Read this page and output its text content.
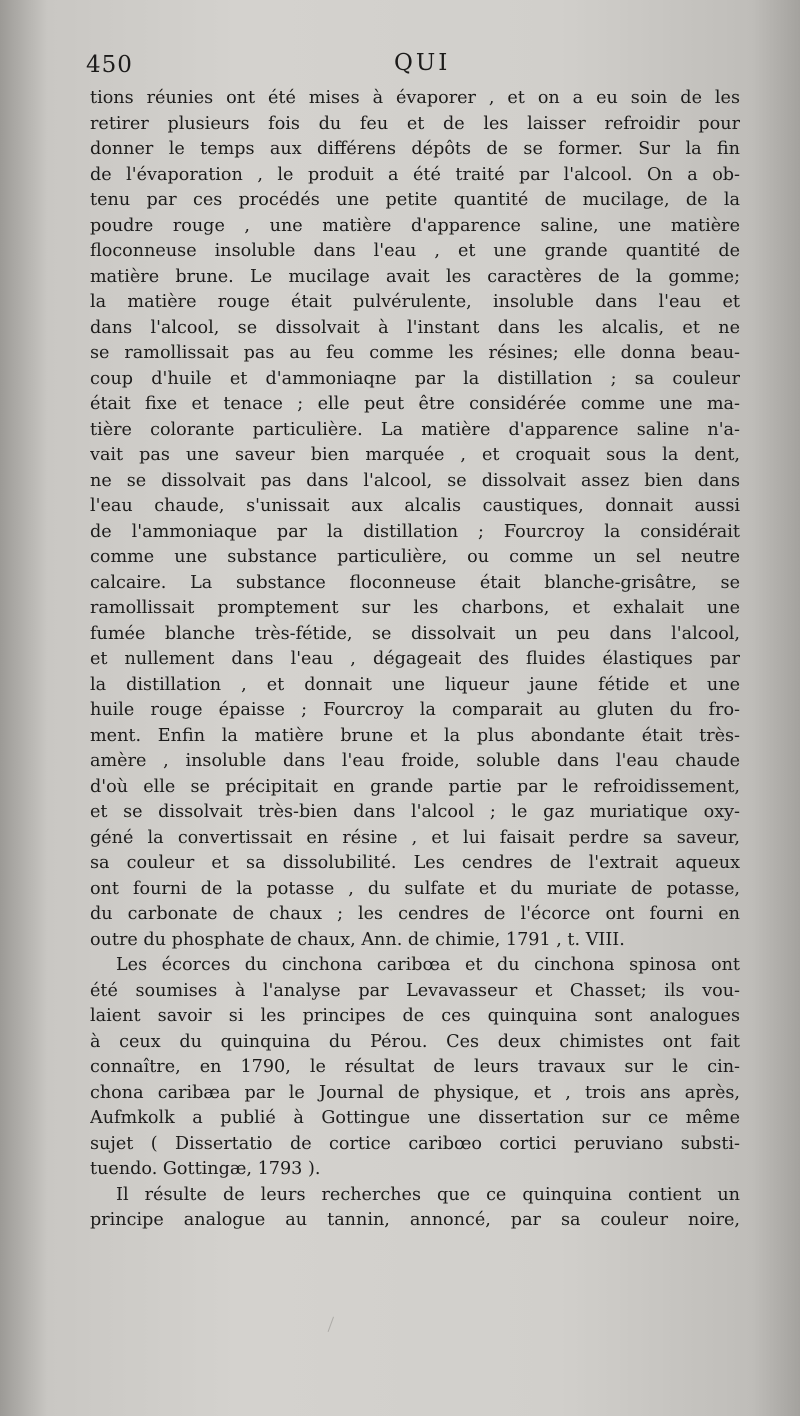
450	QUI
tions réunies ont été mises à évaporer , et on a eu soin de les
retirer plusieurs fois du feu et de les laisser refroidir pour
donner le temps aux différens dépôts de se former. Sur la fin
de l'évaporation , le produit a été traité par l'alcool. On a ob-
tenu par ces procédés une petite quantité de mucilage, de la
poudre rouge , une matière d'apparence saline, une matière
floconneuse insoluble dans l'eau , et une grande quantité de
matière brune. Le mucilage avait les caractères de la gomme;
la matière rouge était pulvérulente, insoluble dans l'eau et
dans l'alcool, se dissolvait à l'instant dans les alcalis, et ne
se ramollissait pas au feu comme les résines; elle donna beau-
coup d'huile et d'ammoniaqne par la distillation ; sa couleur
était fixe et tenace ; elle peut être considérée comme une ma-
tière colorante particulière. La matière d'apparence saline n'a-
vait pas une saveur bien marquée , et croquait sous la dent,
ne se dissolvait pas dans l'alcool, se dissolvait assez bien dans
l'eau chaude, s'unissait aux alcalis caustiques, donnait aussi
de l'ammoniaque par la distillation ; Fourcroy la considérait
comme une substance particulière, ou comme un sel neutre
calcaire. La substance floconneuse était blanche-grisâtre, se
ramollissait promptement sur les charbons, et exhalait une
fumée blanche très-fétide, se dissolvait un peu dans l'alcool,
et nullement dans l'eau , dégageait des fluides élastiques par
la distillation , et donnait une liqueur jaune fétide et une
huile rouge épaisse ; Fourcroy la comparait au gluten du fro-
ment. Enfin la matière brune et la plus abondante était très-
amère , insoluble dans l'eau froide, soluble dans l'eau chaude
d'où elle se précipitait en grande partie par le refroidissement,
et se dissolvait très-bien dans l'alcool ; le gaz muriatique oxy-
géné la convertissait en résine , et lui faisait perdre sa saveur,
sa couleur et sa dissolubilité. Les cendres de l'extrait aqueux
ont fourni de la potasse , du sulfate et du muriate de potasse,
du carbonate de chaux ; les cendres de l'écorce ont fourni en
outre du phosphate de chaux, Ann. de chimie, 1791 , t. VIII.
Les écorces du cinchona caribœa et du cinchona spinosa ont
été soumises à l'analyse par Levavasseur et Chasset; ils vou-
laient savoir si les principes de ces quinquina sont analogues
à ceux du quinquina du Pérou. Ces deux chimistes ont fait
connaître, en 1790, le résultat de leurs travaux sur le cin-
chona caribæa par le Journal de physique, et , trois ans après,
Aufmkolk a publié à Gottingue une dissertation sur ce même
sujet ( Dissertatio de cortice caribœo cortici peruviano substi-
tuendo. Gottingæ, 1793 ).
Il résulte de leurs recherches que ce quinquina contient un
principe analogue au tannin, annoncé, par sa couleur noire,
